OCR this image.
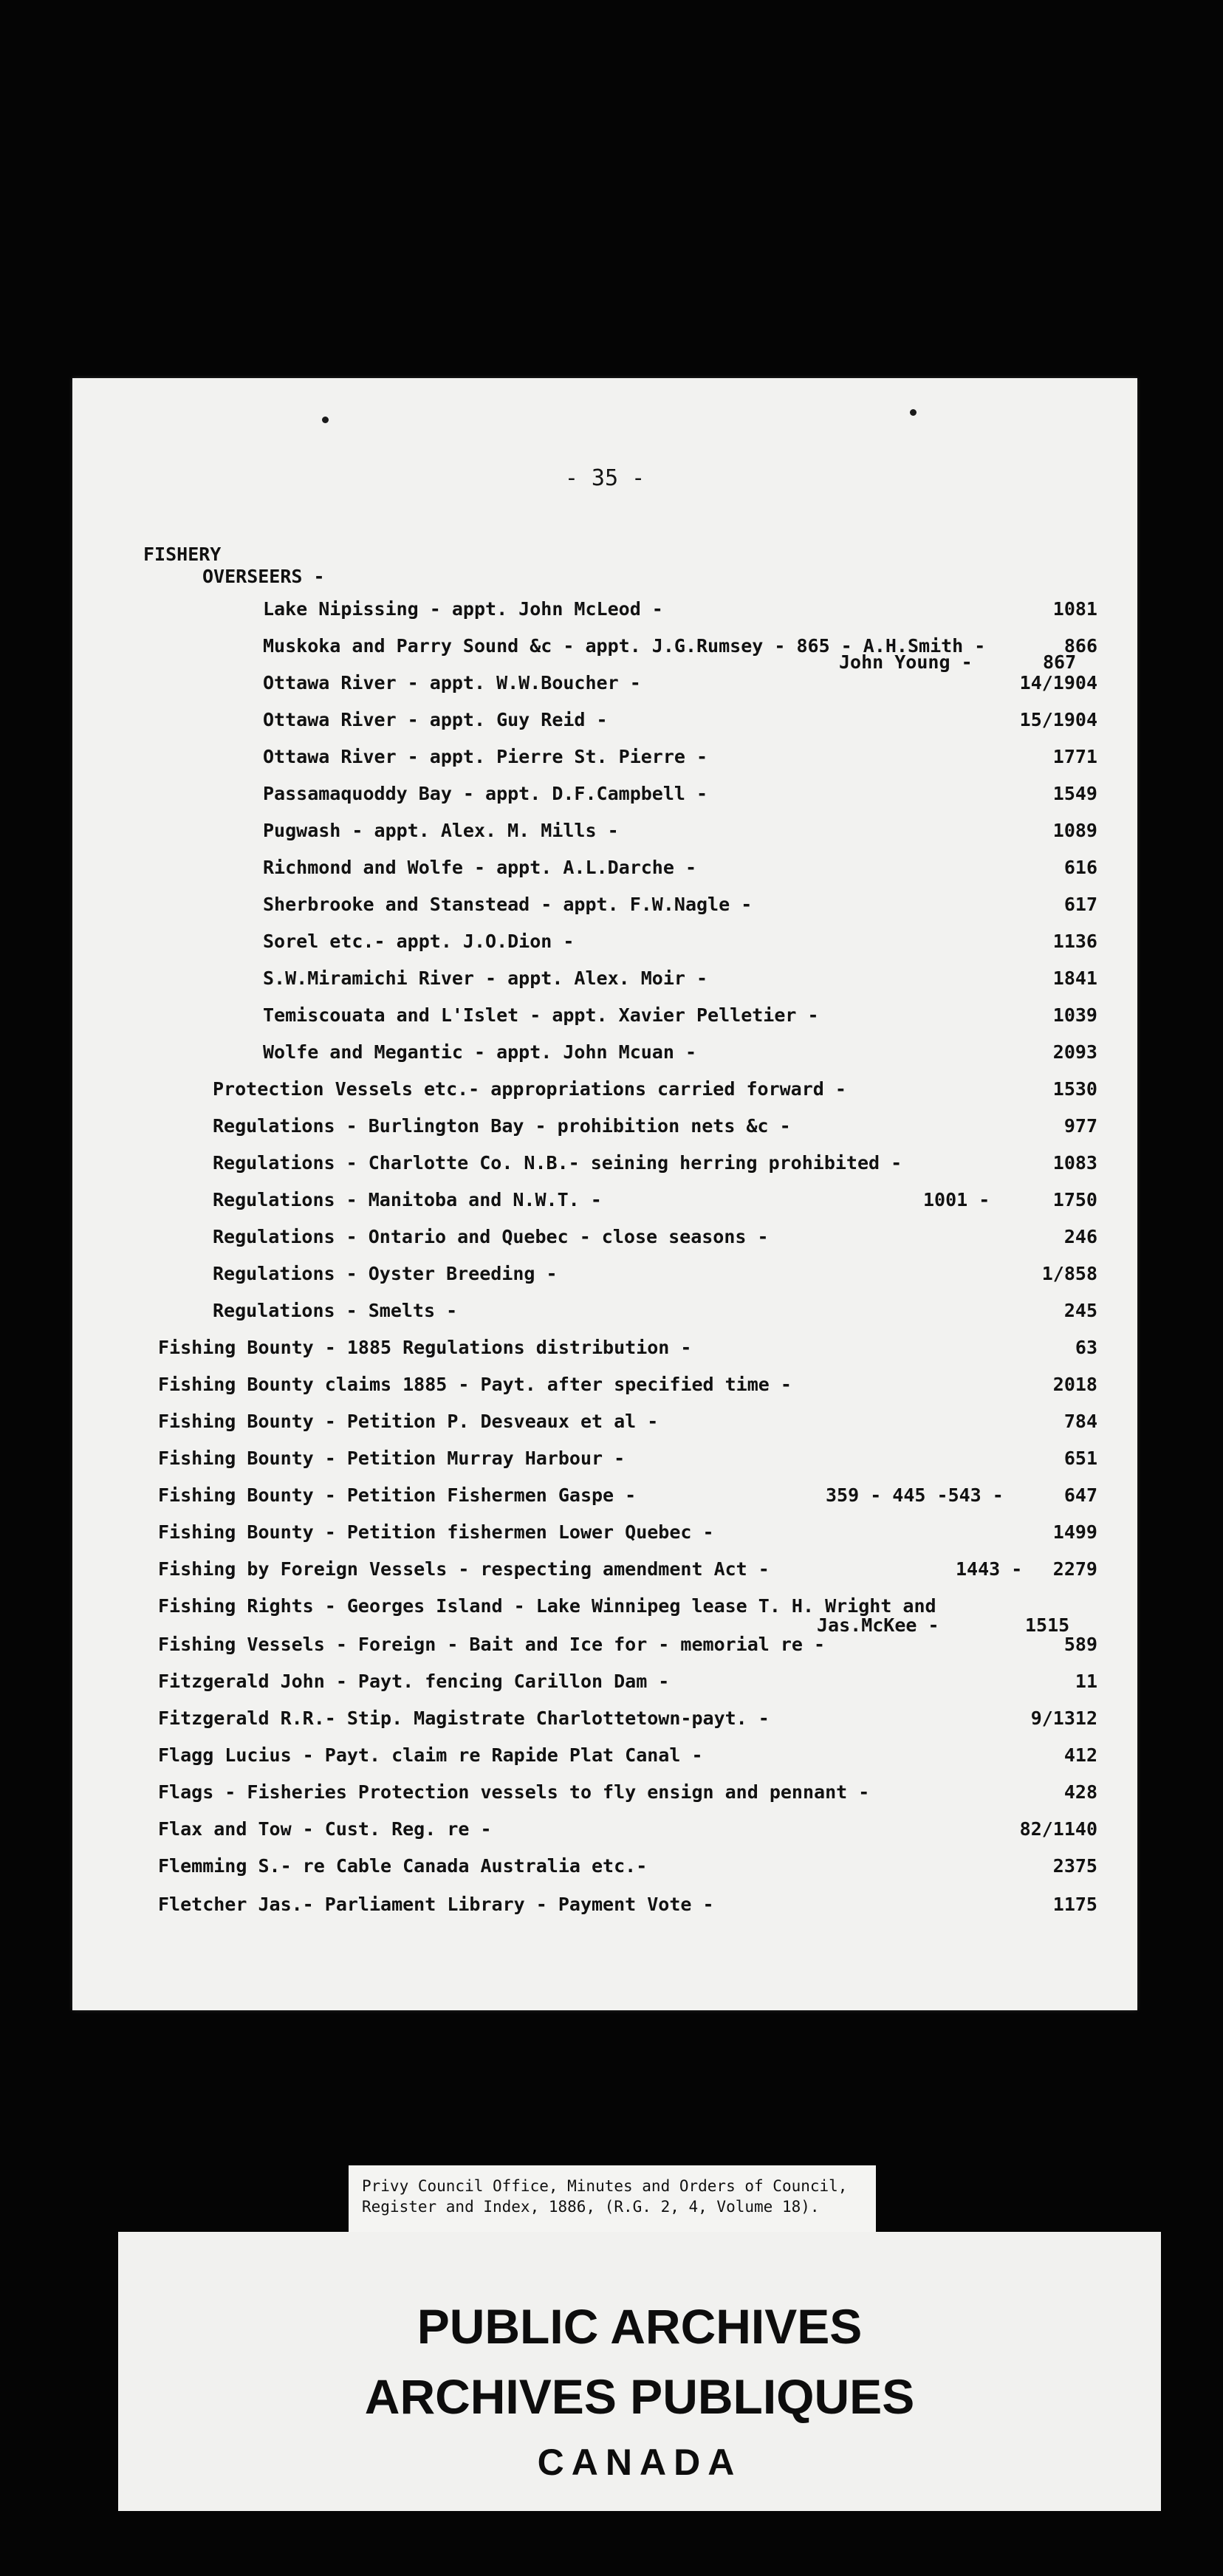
- 35 -
FISHERY
OVERSEERS -
Lake Nipissing - appt. John McLeod -	1081
Muskoka and Parry Sound &c - appt. J.G.Rumsey - 865 - A.H.Smith -	866
John Young -	867
Ottawa River - appt. W.W.Boucher -	14/1904
Ottawa River - appt. Guy Reid -	15/1904
Ottawa River - appt. Pierre St. Pierre -	1771
Passamaquoddy Bay - appt. D.F.Campbell -	1549
Pugwash - appt. Alex. M. Mills -	1089
Richmond and Wolfe - appt. A.L.Darche -	616
Sherbrooke and Stanstead - appt. F.W.Nagle -	617
Sorel etc.- appt. J.O.Dion -	1136
S.W.Miramichi River - appt. Alex. Moir -	1841
Temiscouata and L'Islet - appt. Xavier Pelletier -	1039
Wolfe and Megantic - appt. John Mcuan -	2093
Protection Vessels etc.- appropriations carried forward -	1530
Regulations - Burlington Bay - prohibition nets &c -	977
Regulations - Charlotte Co. N.B.- seining herring prohibited -	1083
Regulations - Manitoba and N.W.T. -	1001 -	1750
Regulations - Ontario and Quebec - close seasons -	246
Regulations - Oyster Breeding -	1/858
Regulations - Smelts -	245
Fishing Bounty - 1885 Regulations distribution -	63
Fishing Bounty claims 1885 - Payt. after specified time -	2018
Fishing Bounty - Petition P. Desveaux et al -	784
Fishing Bounty - Petition Murray Harbour -	651
Fishing Bounty - Petition Fishermen Gaspe -	359 - 445 -543 -	647
Fishing Bounty - Petition fishermen Lower Quebec -	1499
Fishing by Foreign Vessels - respecting amendment Act -	1443 - 2279
Fishing Rights - Georges Island - Lake Winnipeg lease T. H. Wright and
Jas.McKee -	1515
Fishing Vessels - Foreign - Bait and Ice for - memorial re -	589
Fitzgerald John - Payt. fencing Carillon Dam -	11
Fitzgerald R.R.- Stip. Magistrate Charlottetown-payt. -	9/1312
Flagg Lucius - Payt. claim re Rapide Plat Canal -	412
Flags - Fisheries Protection vessels to fly ensign and pennant -	428
Flax and Tow - Cust. Reg. re -	82/1140
Flemming S.- re Cable Canada Australia etc.-	2375
Fletcher Jas.- Parliament Library - Payment Vote -	1175
Privy Council Office, Minutes and Orders of Council,
Register and Index, 1886, (R.G. 2, 4, Volume 18).
PUBLIC ARCHIVES
ARCHIVES PUBLIQUES
CANADA
